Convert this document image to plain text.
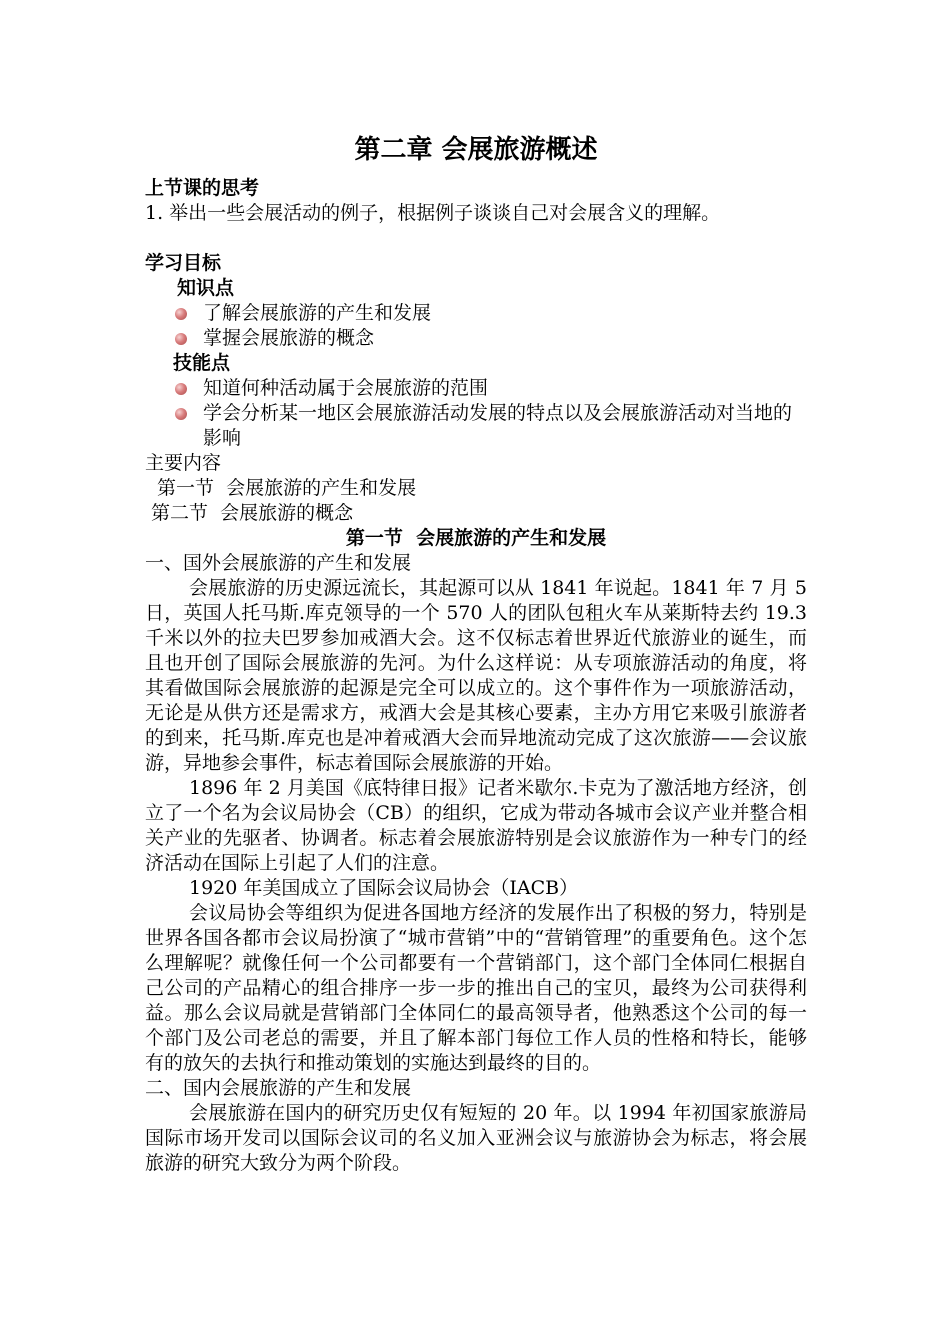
第二章 会展旅游概述
上节课的思考
1. 举出一些会展活动的例子，根据例子谈谈自己对会展含义的理解。
学习目标
知识点
了解会展旅游的产生和发展
掌握会展旅游的概念
技能点
知道何种活动属于会展旅游的范围
学会分析某一地区会展旅游活动发展的特点以及会展旅游活动对当地的影响
主要内容
第一节  会展旅游的产生和发展
第二节  会展旅游的概念
第一节  会展旅游的产生和发展
一、国外会展旅游的产生和发展

会展旅游的历史源远流长，其起源可以从 1841 年说起。1841 年 7 月 5 日，英国人托马斯.库克领导的一个 570 人的团队包租火车从莱斯特去约 19.3 千米以外的拉夫巴罗参加戒酒大会。这不仅标志着世界近代旅游业的诞生，而且也开创了国际会展旅游的先河。为什么这样说：从专项旅游活动的角度，将其看做国际会展旅游的起源是完全可以成立的。这个事件作为一项旅游活动，无论是从供方还是需求方，戒酒大会是其核心要素，主办方用它来吸引旅游者的到来，托马斯.库克也是冲着戒酒大会而异地流动完成了这次旅游——会议旅游，异地参会事件，标志着国际会展旅游的开始。

1896 年 2 月美国《底特律日报》记者米歇尔.卡克为了激活地方经济，创立了一个名为会议局协会（CB）的组织，它成为带动各城市会议产业并整合相关产业的先驱者、协调者。标志着会展旅游特别是会议旅游作为一种专门的经济活动在国际上引起了人们的注意。

1920 年美国成立了国际会议局协会（IACB）

会议局协会等组织为促进各国地方经济的发展作出了积极的努力，特别是世界各国各都市会议局扮演了“城市营销”中的“营销管理”的重要角色。这个怎么理解呢？就像任何一个公司都要有一个营销部门，这个部门全体同仁根据自己公司的产品精心的组合排序一步一步的推出自己的宝贝，最终为公司获得利益。那么会议局就是营销部门全体同仁的最高领导者，他熟悉这个公司的每一个部门及公司老总的需要，并且了解本部门每位工作人员的性格和特长，能够有的放矢的去执行和推动策划的实施达到最终的目的。

二、国内会展旅游的产生和发展

会展旅游在国内的研究历史仅有短短的 20 年。以 1994 年初国家旅游局国际市场开发司以国际会议司的名义加入亚洲会议与旅游协会为标志，将会展旅游的研究大致分为两个阶段。
